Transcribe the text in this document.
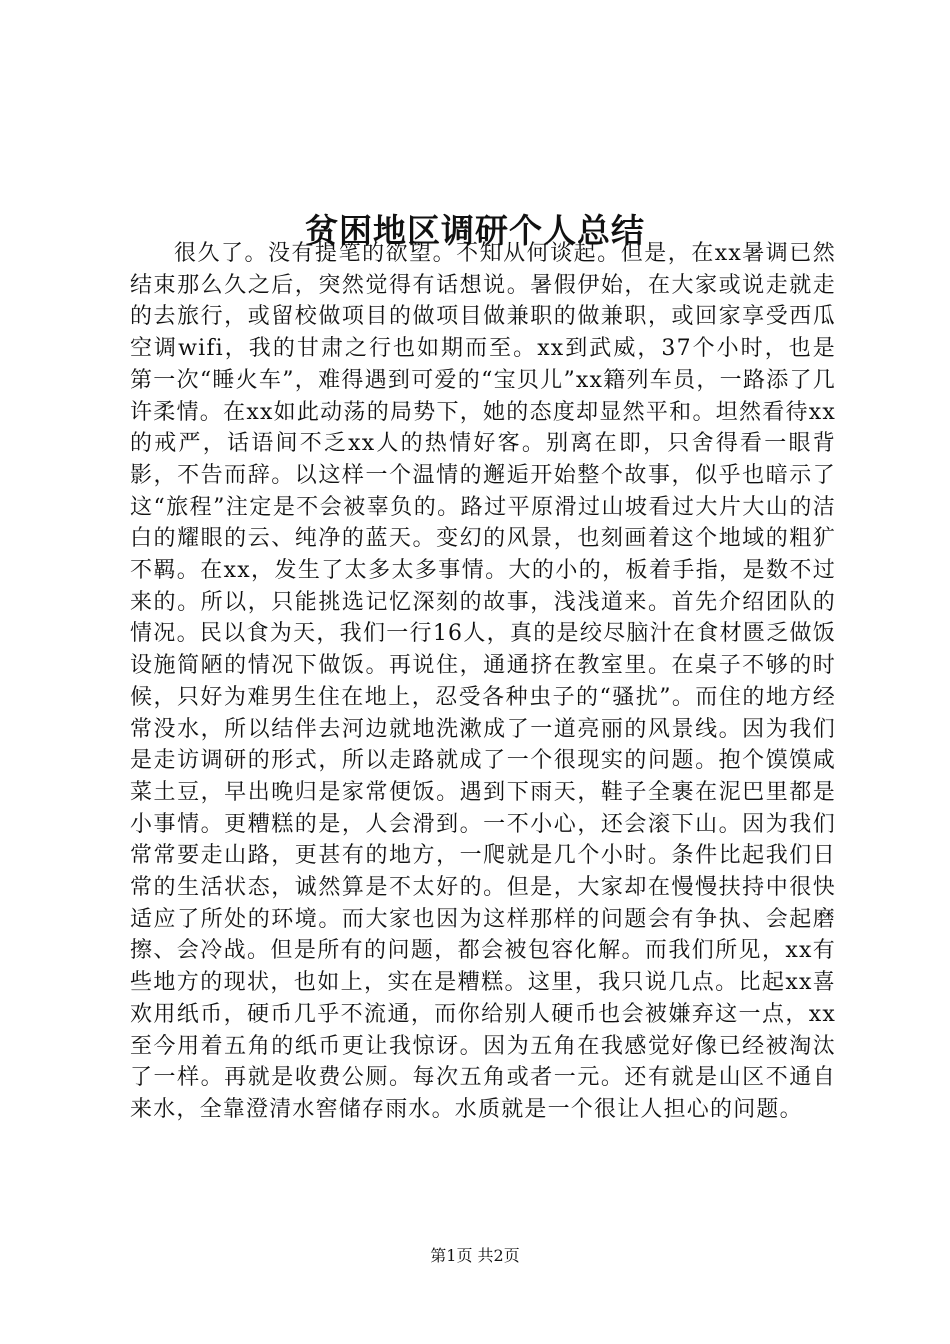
贫困地区调研个人总结

很久了。没有提笔的欲望。不知从何谈起。但是，在xx暑调已然结束那么久之后，突然觉得有话想说。暑假伊始，在大家或说走就走的去旅行，或留校做项目的做项目做兼职的做兼职，或回家享受西瓜空调wifi，我的甘肃之行也如期而至。xx到武威，37个小时，也是第一次“睡火车”，难得遇到可爱的“宝贝儿”xx籍列车员，一路添了几许柔情。在xx如此动荡的局势下，她的态度却显然平和。坦然看待xx的戒严，话语间不乏xx人的热情好客。别离在即，只舍得看一眼背影，不告而辞。以这样一个温情的邂逅开始整个故事，似乎也暗示了这“旅程”注定是不会被辜负的。路过平原滑过山坡看过大片大山的洁白的耀眼的云、纯净的蓝天。变幻的风景，也刻画着这个地域的粗犷不羁。在xx，发生了太多太多事情。大的小的，板着手指，是数不过来的。所以，只能挑选记忆深刻的故事，浅浅道来。首先介绍团队的情况。民以食为天，我们一行16人，真的是绞尽脑汁在食材匮乏做饭设施简陋的情况下做饭。再说住，通通挤在教室里。在桌子不够的时候，只好为难男生住在地上，忍受各种虫子的“骚扰”。而住的地方经常没水，所以结伴去河边就地洗漱成了一道亮丽的风景线。因为我们是走访调研的形式，所以走路就成了一个很现实的问题。抱个馍馍咸菜土豆，早出晚归是家常便饭。遇到下雨天，鞋子全裹在泥巴里都是小事情。更糟糕的是，人会滑到。一不小心，还会滚下山。因为我们常常要走山路，更甚有的地方，一爬就是几个小时。条件比起我们日常的生活状态，诚然算是不太好的。但是，大家却在慢慢扶持中很快适应了所处的环境。而大家也因为这样那样的问题会有争执、会起磨擦、会冷战。但是所有的问题，都会被包容化解。而我们所见，xx有些地方的现状，也如上，实在是糟糕。这里，我只说几点。比起xx喜欢用纸币，硬币几乎不流通，而你给别人硬币也会被嫌弃这一点，xx至今用着五角的纸币更让我惊讶。因为五角在我感觉好像已经被淘汰了一样。再就是收费公厕。每次五角或者一元。还有就是山区不通自来水，全靠澄清水窖储存雨水。水质就是一个很让人担心的问题。

第1页 共2页
